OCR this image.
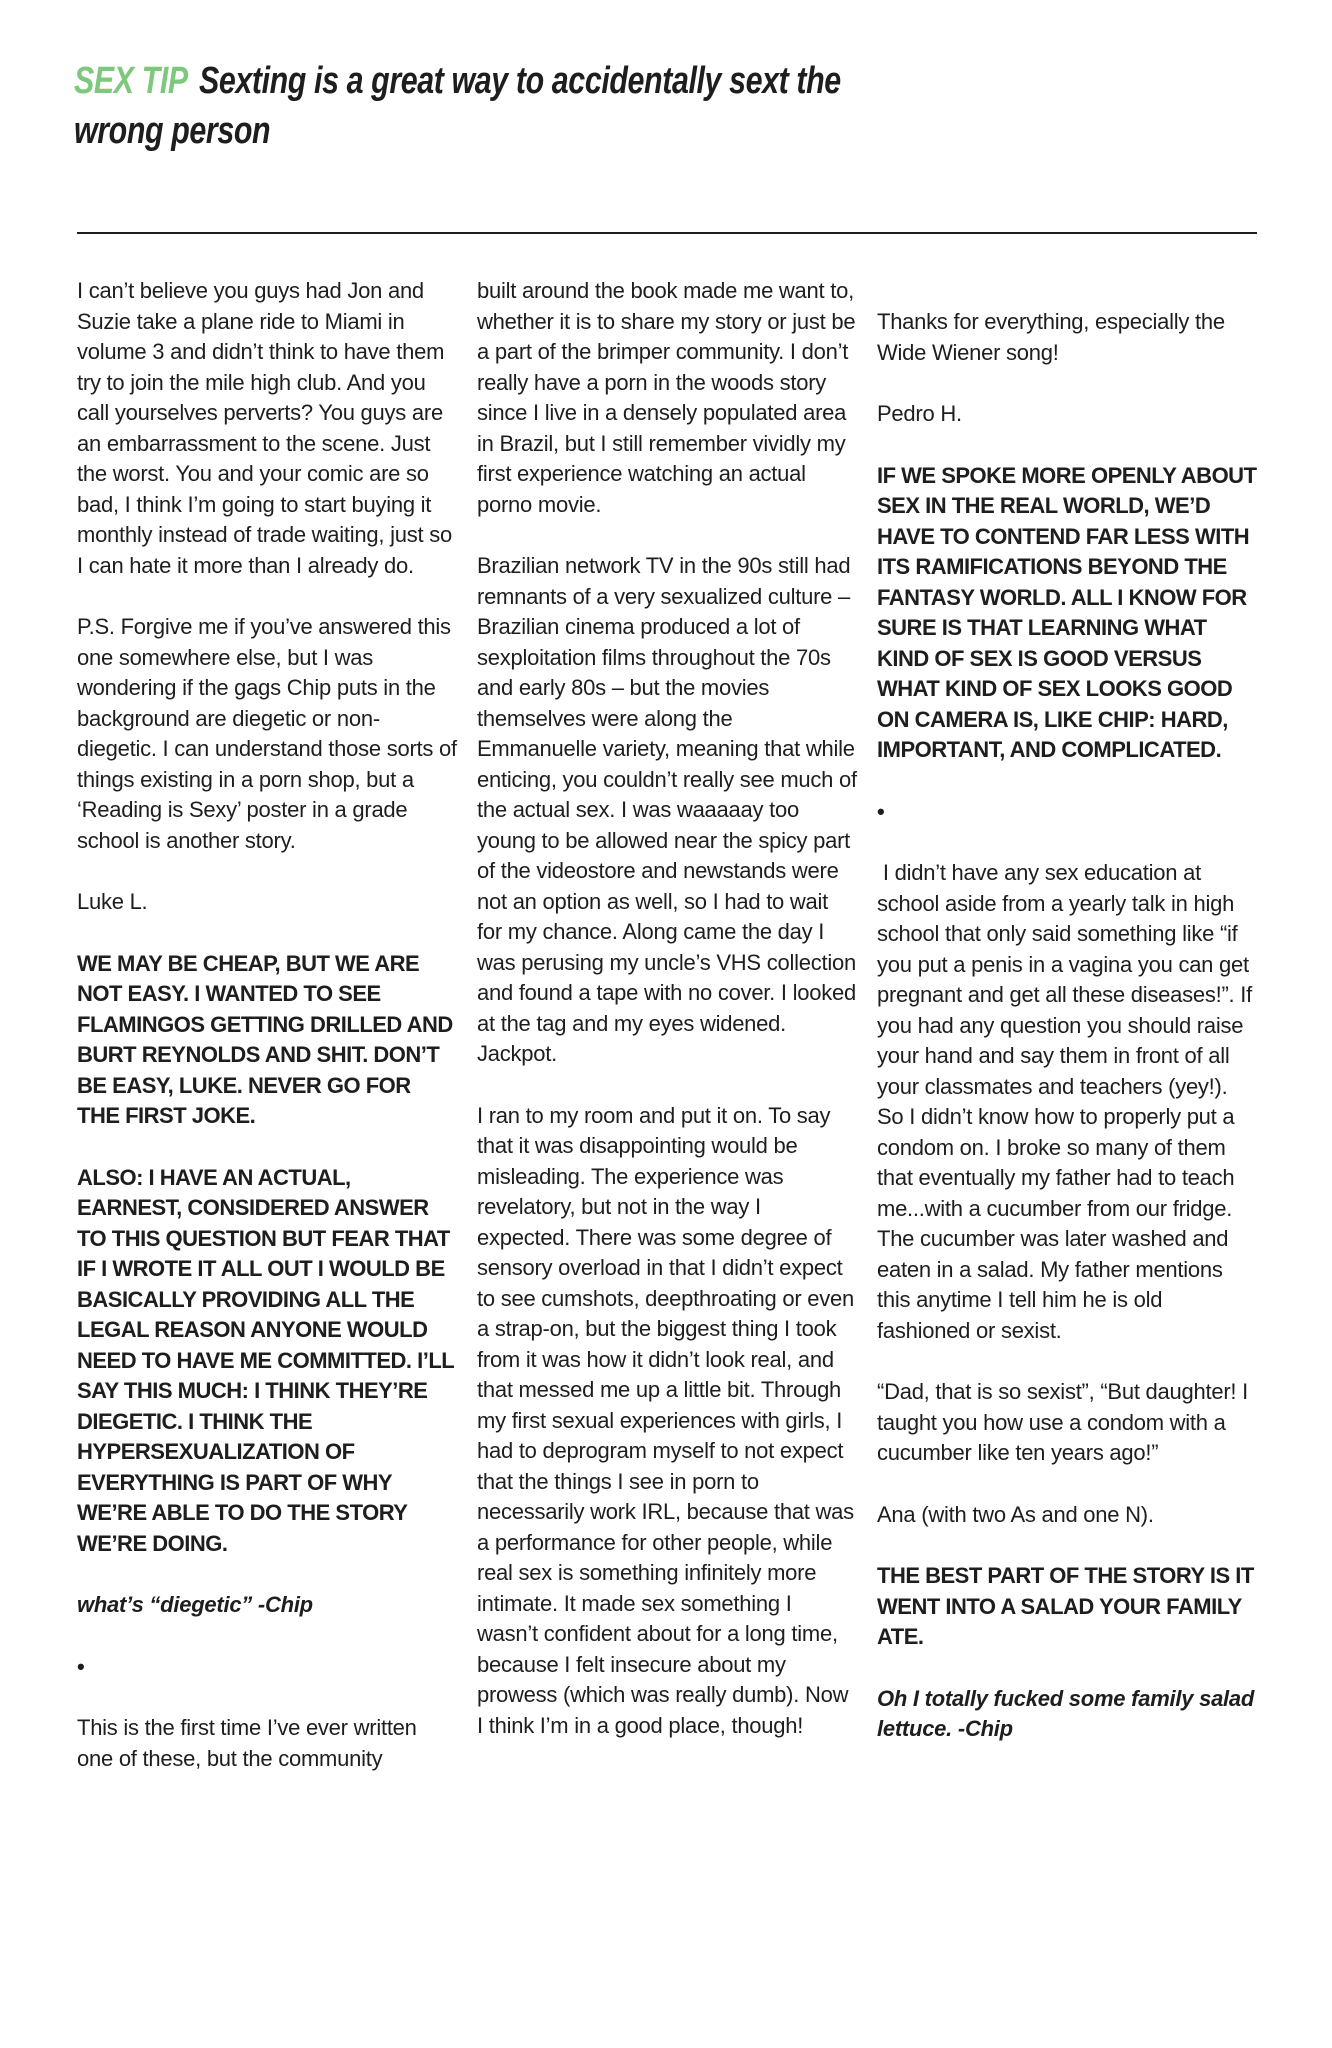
SEX TIP Sexting is a great way to accidentally sext the
wrong person
I can’t believe you guys had Jon and Suzie take a plane ride to Miami in volume 3 and didn’t think to have them try to join the mile high club. And you call yourselves perverts? You guys are an embarrassment to the scene. Just the worst. You and your comic are so bad, I think I’m going to start buying it monthly instead of trade waiting, just so I can hate it more than I already do.
P.S. Forgive me if you’ve answered this one somewhere else, but I was wondering if the gags Chip puts in the background are diegetic or non-diegetic. I can understand those sorts of things existing in a porn shop, but a ‘Reading is Sexy’ poster in a grade school is another story.
Luke L.
WE MAY BE CHEAP, BUT WE ARE NOT EASY. I WANTED TO SEE FLAMINGOS GETTING DRILLED AND BURT REYNOLDS AND SHIT. DON’T BE EASY, LUKE. NEVER GO FOR THE FIRST JOKE.
ALSO: I HAVE AN ACTUAL, EARNEST, CONSIDERED ANSWER TO THIS QUESTION BUT FEAR THAT IF I WROTE IT ALL OUT I WOULD BE BASICALLY PROVIDING ALL THE LEGAL REASON ANYONE WOULD NEED TO HAVE ME COMMITTED. I’LL SAY THIS MUCH: I THINK THEY’RE DIEGETIC. I THINK THE HYPERSEXUALIZATION OF EVERYTHING IS PART OF WHY WE’RE ABLE TO DO THE STORY WE’RE DOING.
what’s “diegetic” -Chip
•
This is the first time I’ve ever written one of these, but the community
built around the book made me want to, whether it is to share my story or just be a part of the brimper community. I don’t really have a porn in the woods story since I live in a densely populated area in Brazil, but I still remember vividly my first experience watching an actual porno movie.
Brazilian network TV in the 90s still had remnants of a very sexualized culture – Brazilian cinema produced a lot of sexploitation films throughout the 70s and early 80s – but the movies themselves were along the Emmanuelle variety, meaning that while enticing, you couldn’t really see much of the actual sex. I was waaaaay too young to be allowed near the spicy part of the videostore and newstands were not an option as well, so I had to wait for my chance. Along came the day I was perusing my uncle’s VHS collection and found a tape with no cover. I looked at the tag and my eyes widened. Jackpot.
I ran to my room and put it on. To say that it was disappointing would be misleading. The experience was revelatory, but not in the way I expected. There was some degree of sensory overload in that I didn’t expect to see cumshots, deepthroating or even a strap-on, but the biggest thing I took from it was how it didn’t look real, and that messed me up a little bit. Through my first sexual experiences with girls, I had to deprogram myself to not expect that the things I see in porn to necessarily work IRL, because that was a performance for other people, while real sex is something infinitely more intimate. It made sex something I wasn’t confident about for a long time, because I felt insecure about my prowess (which was really dumb). Now I think I’m in a good place, though!
Thanks for everything, especially the Wide Wiener song!
Pedro H.
IF WE SPOKE MORE OPENLY ABOUT SEX IN THE REAL WORLD, WE’D HAVE TO CONTEND FAR LESS WITH ITS RAMIFICATIONS BEYOND THE FANTASY WORLD. ALL I KNOW FOR SURE IS THAT LEARNING WHAT KIND OF SEX IS GOOD VERSUS WHAT KIND OF SEX LOOKS GOOD ON CAMERA IS, LIKE CHIP: HARD, IMPORTANT, AND COMPLICATED.
•
I didn’t have any sex education at school aside from a yearly talk in high school that only said something like “if you put a penis in a vagina you can get pregnant and get all these diseases!”. If you had any question you should raise your hand and say them in front of all your classmates and teachers (yey!). So I didn’t know how to properly put a condom on. I broke so many of them that eventually my father had to teach me...with a cucumber from our fridge. The cucumber was later washed and eaten in a salad. My father mentions this anytime I tell him he is old fashioned or sexist.
“Dad, that is so sexist”, “But daughter! I taught you how use a condom with a cucumber like ten years ago!”
Ana (with two As and one N).
THE BEST PART OF THE STORY IS IT WENT INTO A SALAD YOUR FAMILY ATE.
Oh I totally fucked some family salad lettuce. -Chip
